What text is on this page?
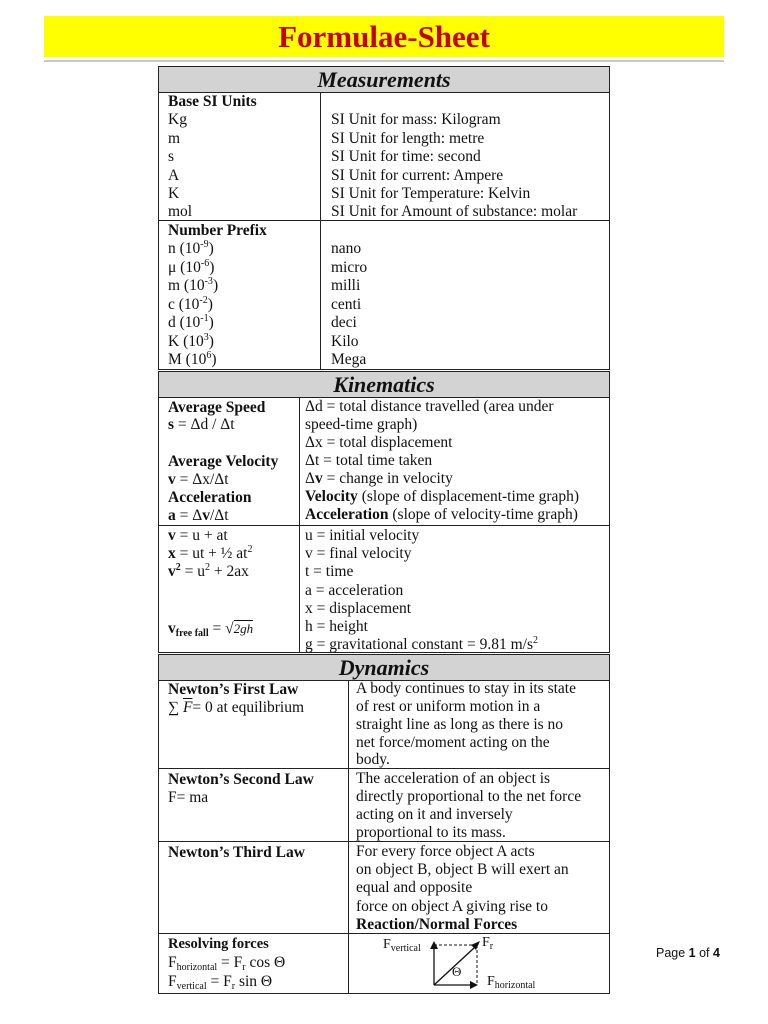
Formulae-Sheet
Measurements
Base SI Units
Kg
m
s
A
K
mol
SI Unit for mass: Kilogram
SI Unit for length: metre
SI Unit for time: second
SI Unit for current: Ampere
SI Unit for Temperature: Kelvin
SI Unit for Amount of substance: molar
Number Prefix
n $(10^{-9})$
μ $(10^{-6})$
m $(10^{-3})$
c $(10^{-2})$
d $(10^{-1})$
K $(10^3)$
M $(10^6)$
nano
micro
milli
centi
deci
Kilo
Mega
Kinematics
Average Speed
s = Δd / Δt
Average Velocity
v = Δx/Δt
Acceleration
a = Δv/Δt
Δd = total distance travelled (area under
speed-time graph)
Δx = total displacement
Δt = total time taken
Δv = change in velocity
Velocity (slope of displacement-time graph)
Acceleration (slope of velocity-time graph)
v = u + at
x = ut + ½ $at^2$
$v^2 = u^2 + 2ax$
$v_{free fall} = √2gh$
u = initial velocity
v = final velocity
t = time
a = acceleration
x = displacement
h = height
g = gravitational constant = 9.81 $m/s^2$
Dynamics
Newton’s First Law
∑ $\overline{F}= 0$ at equilibrium
A body continues to stay in its state
of rest or uniform motion in a
straight line as long as there is no
net force/moment acting on the
body.
Newton’s Second Law
F= ma
The acceleration of an object is
directly proportional to the net force
acting on it and inversely
proportional to its mass.
Newton’s Third Law	For every force object A acts
on object B, object B will exert an
equal and opposite
force on object A giving rise to
Reaction/Normal Forces
Resolving forces
$F_{horizontal} = F_r$ cos Θ
$F_{vertical} = F_r$ sin Θ
$F_{vertical}$	$F_r$
Θ
$F_{horizontal}$
Page 1 of 4
